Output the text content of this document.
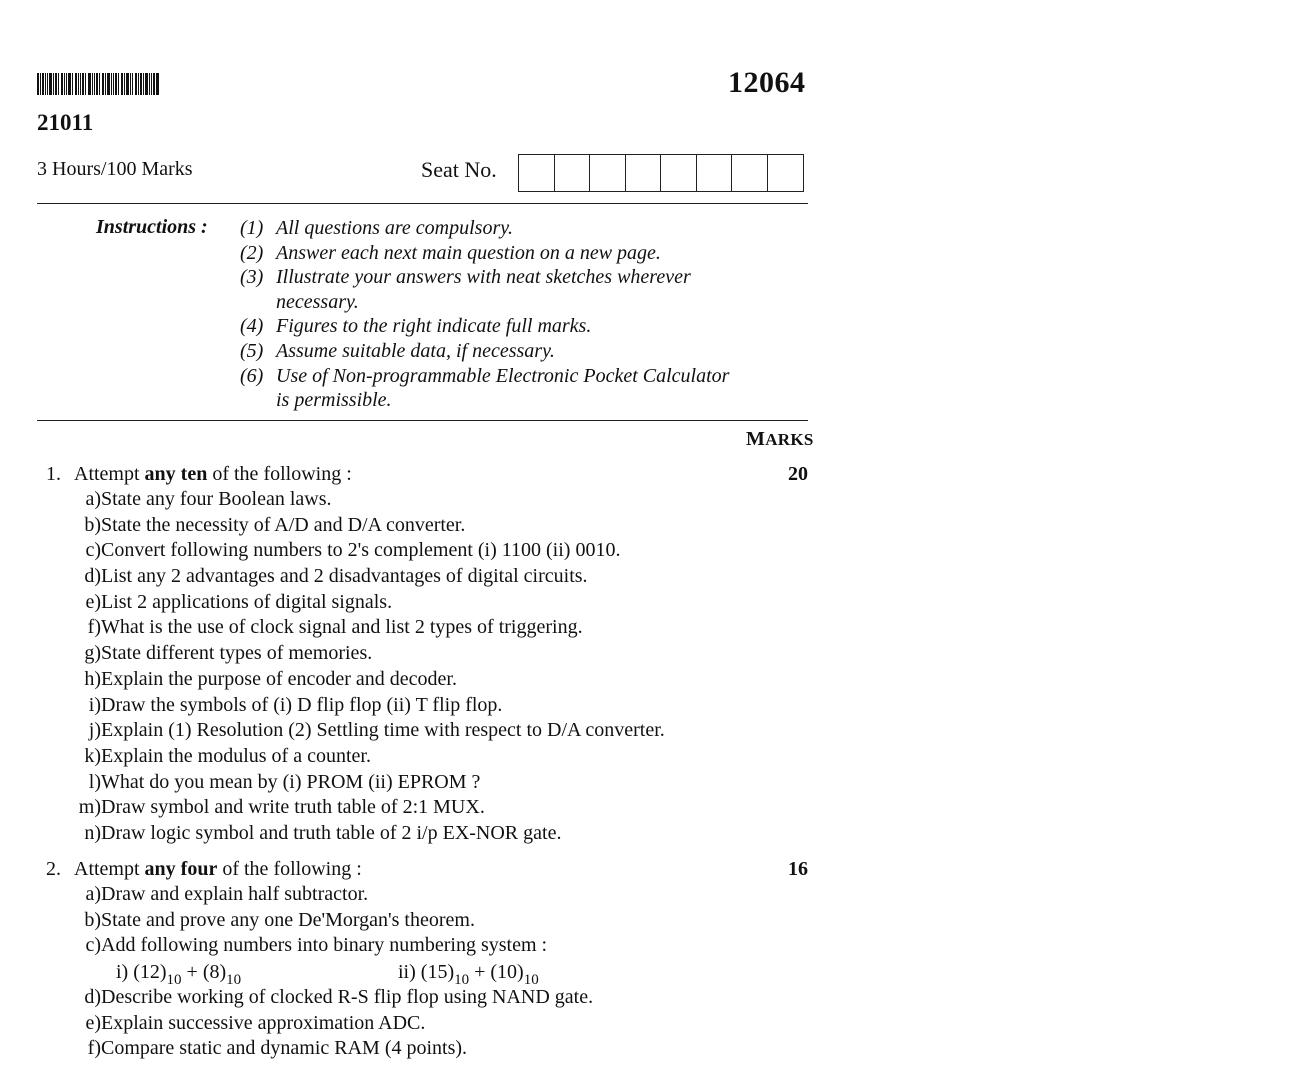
12064
21011
3 Hours/100 Marks	Seat No.
Instructions : (1) All questions are compulsory.
(2) Answer each next main question on a new page.
(3) Illustrate your answers with neat sketches wherever
necessary.
(4) Figures to the right indicate full marks.
(5) Assume suitable data, if necessary.
(6) Use of Non-programmable Electronic Pocket Calculator
is permissible.
MARKS
1. Attempt any ten of the following :	20
a) State any four Boolean laws.
b) State the necessity of A/D and D/A converter.
c) Convert following numbers to 2's complement (i) 1100 (ii) 0010.
d) List any 2 advantages and 2 disadvantages of digital circuits.
e) List 2 applications of digital signals.
f) What is the use of clock signal and list 2 types of triggering.
g) State different types of memories.
h) Explain the purpose of encoder and decoder.
i) Draw the symbols of (i) D flip flop (ii) T flip flop.
j) Explain (1) Resolution (2) Settling time with respect to D/A converter.
k) Explain the modulus of a counter.
l) What do you mean by (i) PROM (ii) EPROM ?
m) Draw symbol and write truth table of 2:1 MUX.
n) Draw logic symbol and truth table of 2 i/p EX-NOR gate.
2. Attempt any four of the following :	16
a) Draw and explain half subtractor.
b) State and prove any one De'Morgan's theorem.
c) Add following numbers into binary numbering system :
i) $(12)_{10} + (8)_{10}$	ii) $(15)_{10} + (10)_{10}$
d) Describe working of clocked R-S flip flop using NAND gate.
e) Explain successive approximation ADC.
f) Compare static and dynamic RAM (4 points).
